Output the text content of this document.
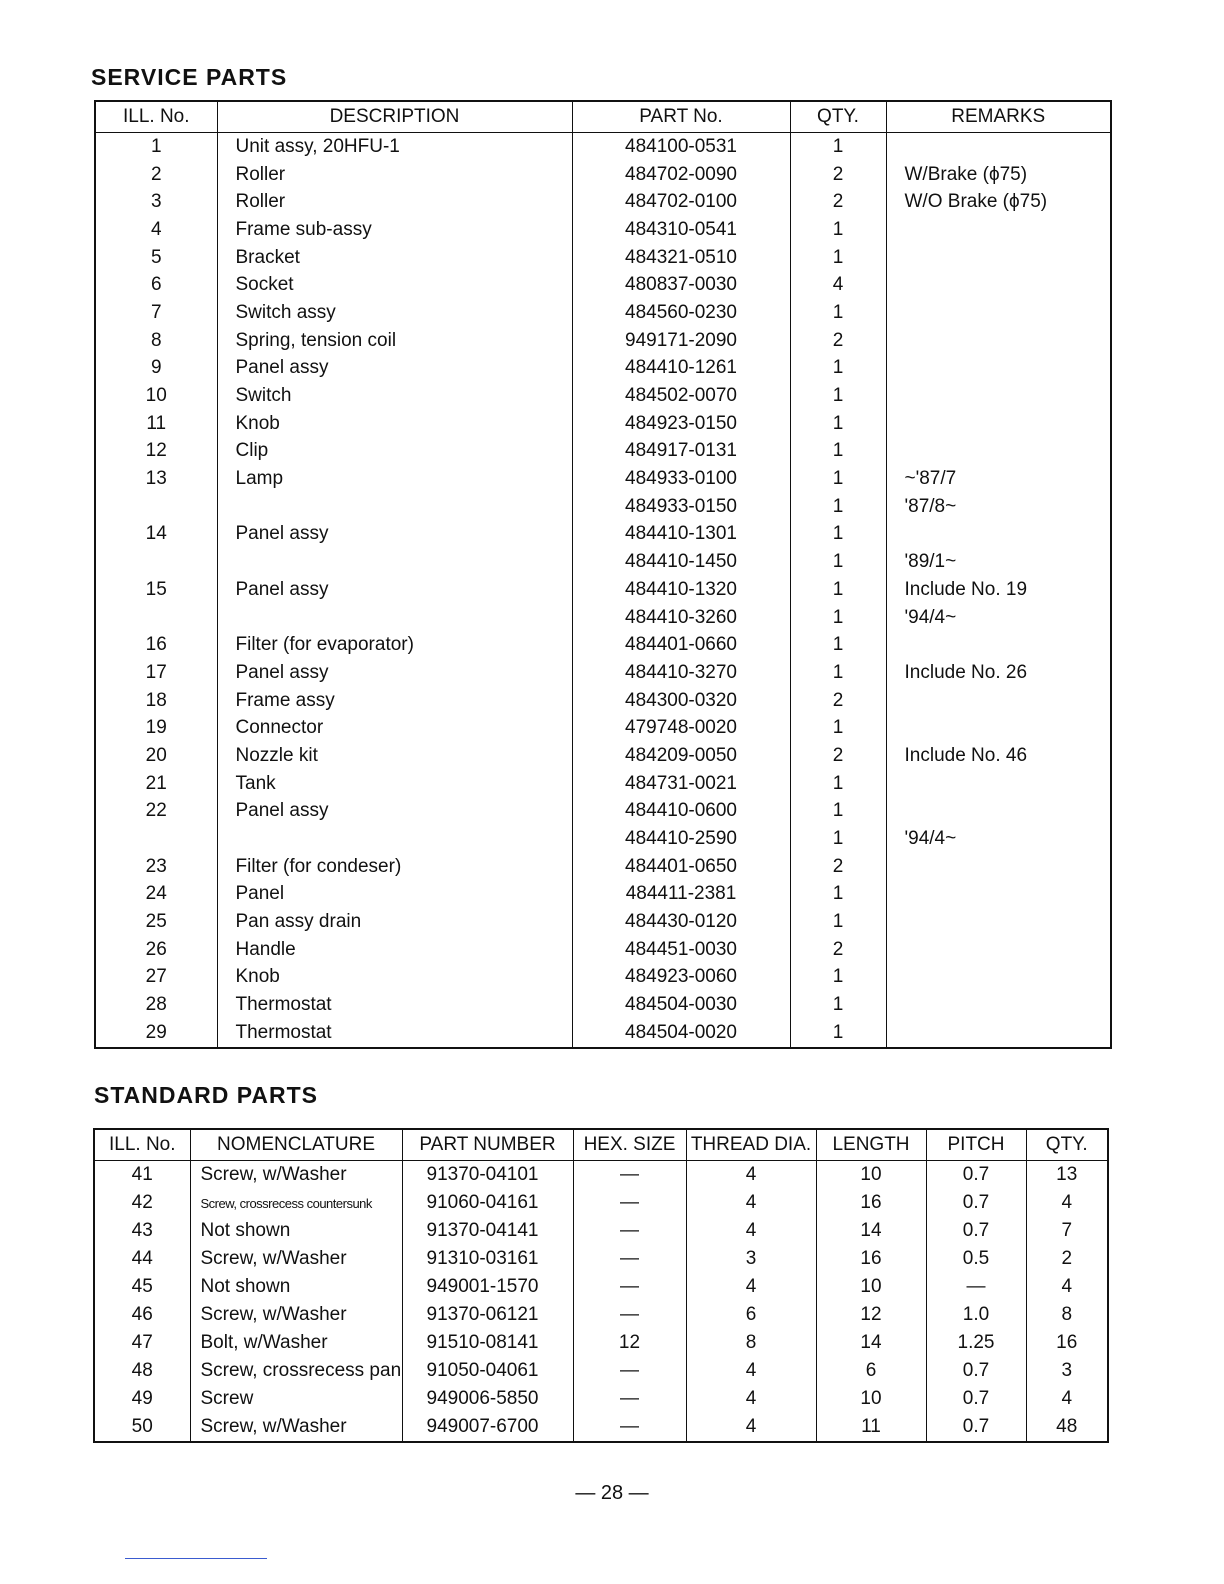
SERVICE PARTS
ILL. No.	DESCRIPTION	PART No.	QTY.	REMARKS
1	Unit assy, 20HFU-1	484100-0531	1	
2	Roller	484702-0090	2	W/Brake (ϕ75)
3	Roller	484702-0100	2	W/O Brake (ϕ75)
4	Frame sub-assy	484310-0541	1	
5	Bracket	484321-0510	1	
6	Socket	480837-0030	4	
7	Switch assy	484560-0230	1	
8	Spring, tension coil	949171-2090	2	
9	Panel assy	484410-1261	1	
10	Switch	484502-0070	1	
11	Knob	484923-0150	1	
12	Clip	484917-0131	1	
13	Lamp	484933-0100	1	~'87/7
		484933-0150	1	'87/8~
14	Panel assy	484410-1301	1	
		484410-1450	1	'89/1~
15	Panel assy	484410-1320	1	Include No. 19
		484410-3260	1	'94/4~
16	Filter (for evaporator)	484401-0660	1	
17	Panel assy	484410-3270	1	Include No. 26
18	Frame assy	484300-0320	2	
19	Connector	479748-0020	1	
20	Nozzle kit	484209-0050	2	Include No. 46
21	Tank	484731-0021	1	
22	Panel assy	484410-0600	1	
		484410-2590	1	'94/4~
23	Filter (for condeser)	484401-0650	2	
24	Panel	484411-2381	1	
25	Pan assy drain	484430-0120	1	
26	Handle	484451-0030	2	
27	Knob	484923-0060	1	
28	Thermostat	484504-0030	1	
29	Thermostat	484504-0020	1	
STANDARD PARTS
ILL. No.	NOMENCLATURE	PART NUMBER	HEX. SIZE	THREAD DIA.	LENGTH	PITCH	QTY.
41	Screw, w/Washer	91370-04101	—	4	10	0.7	13
42	Screw, crossrecess countersunk	91060-04161	—	4	16	0.7	4
43	Not shown	91370-04141	—	4	14	0.7	7
44	Screw, w/Washer	91310-03161	—	3	16	0.5	2
45	Not shown	949001-1570	—	4	10	—	4
46	Screw, w/Washer	91370-06121	—	6	12	1.0	8
47	Bolt, w/Washer	91510-08141	12	8	14	1.25	16
48	Screw, crossrecess pan	91050-04061	—	4	6	0.7	3
49	Screw	949006-5850	—	4	10	0.7	4
50	Screw, w/Washer	949007-6700	—	4	11	0.7	48
— 28 —
